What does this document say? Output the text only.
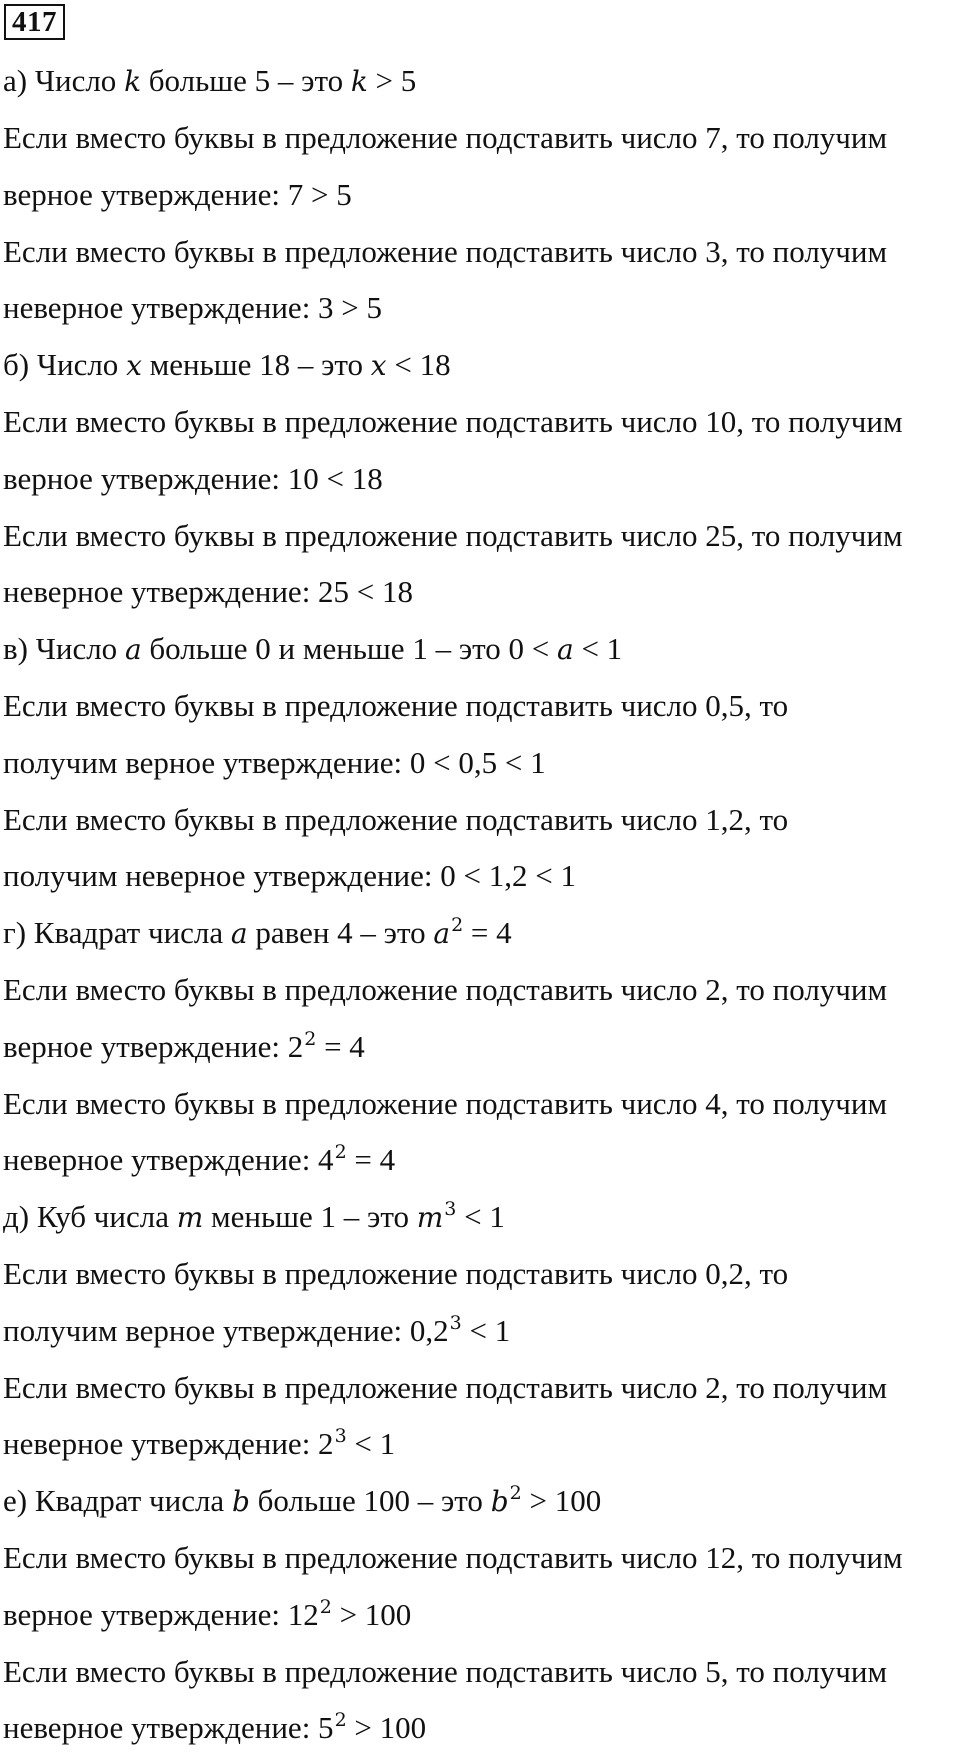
417
а) Число k больше 5 – это k > 5
Если вместо буквы в предложение подставить число 7, то получим
верное утверждение: 7 > 5
Если вместо буквы в предложение подставить число 3, то получим
неверное утверждение: 3 > 5
б) Число x меньше 18 – это x < 18
Если вместо буквы в предложение подставить число 10, то получим
верное утверждение: 10 < 18
Если вместо буквы в предложение подставить число 25, то получим
неверное утверждение: 25 < 18
в) Число a больше 0 и меньше 1 – это 0 < a < 1
Если вместо буквы в предложение подставить число 0,5, то
получим верное утверждение: 0 < 0,5 < 1
Если вместо буквы в предложение подставить число 1,2, то
получим неверное утверждение: 0 < 1,2 < 1
г) Квадрат числа a равен 4 – это $a^2 = 4$
Если вместо буквы в предложение подставить число 2, то получим
верное утверждение: $2^2 = 4$
Если вместо буквы в предложение подставить число 4, то получим
неверное утверждение: $4^2 = 4$
д) Куб числа m меньше 1 – это $m^3 < 1$
Если вместо буквы в предложение подставить число 0,2, то
получим верное утверждение: $0,2^3 < 1$
Если вместо буквы в предложение подставить число 2, то получим
неверное утверждение: $2^3 < 1$
е) Квадрат числа b больше 100 – это $b^2 > 100$
Если вместо буквы в предложение подставить число 12, то получим
верное утверждение: $12^2 > 100$
Если вместо буквы в предложение подставить число 5, то получим
неверное утверждение: $5^2 > 100$
